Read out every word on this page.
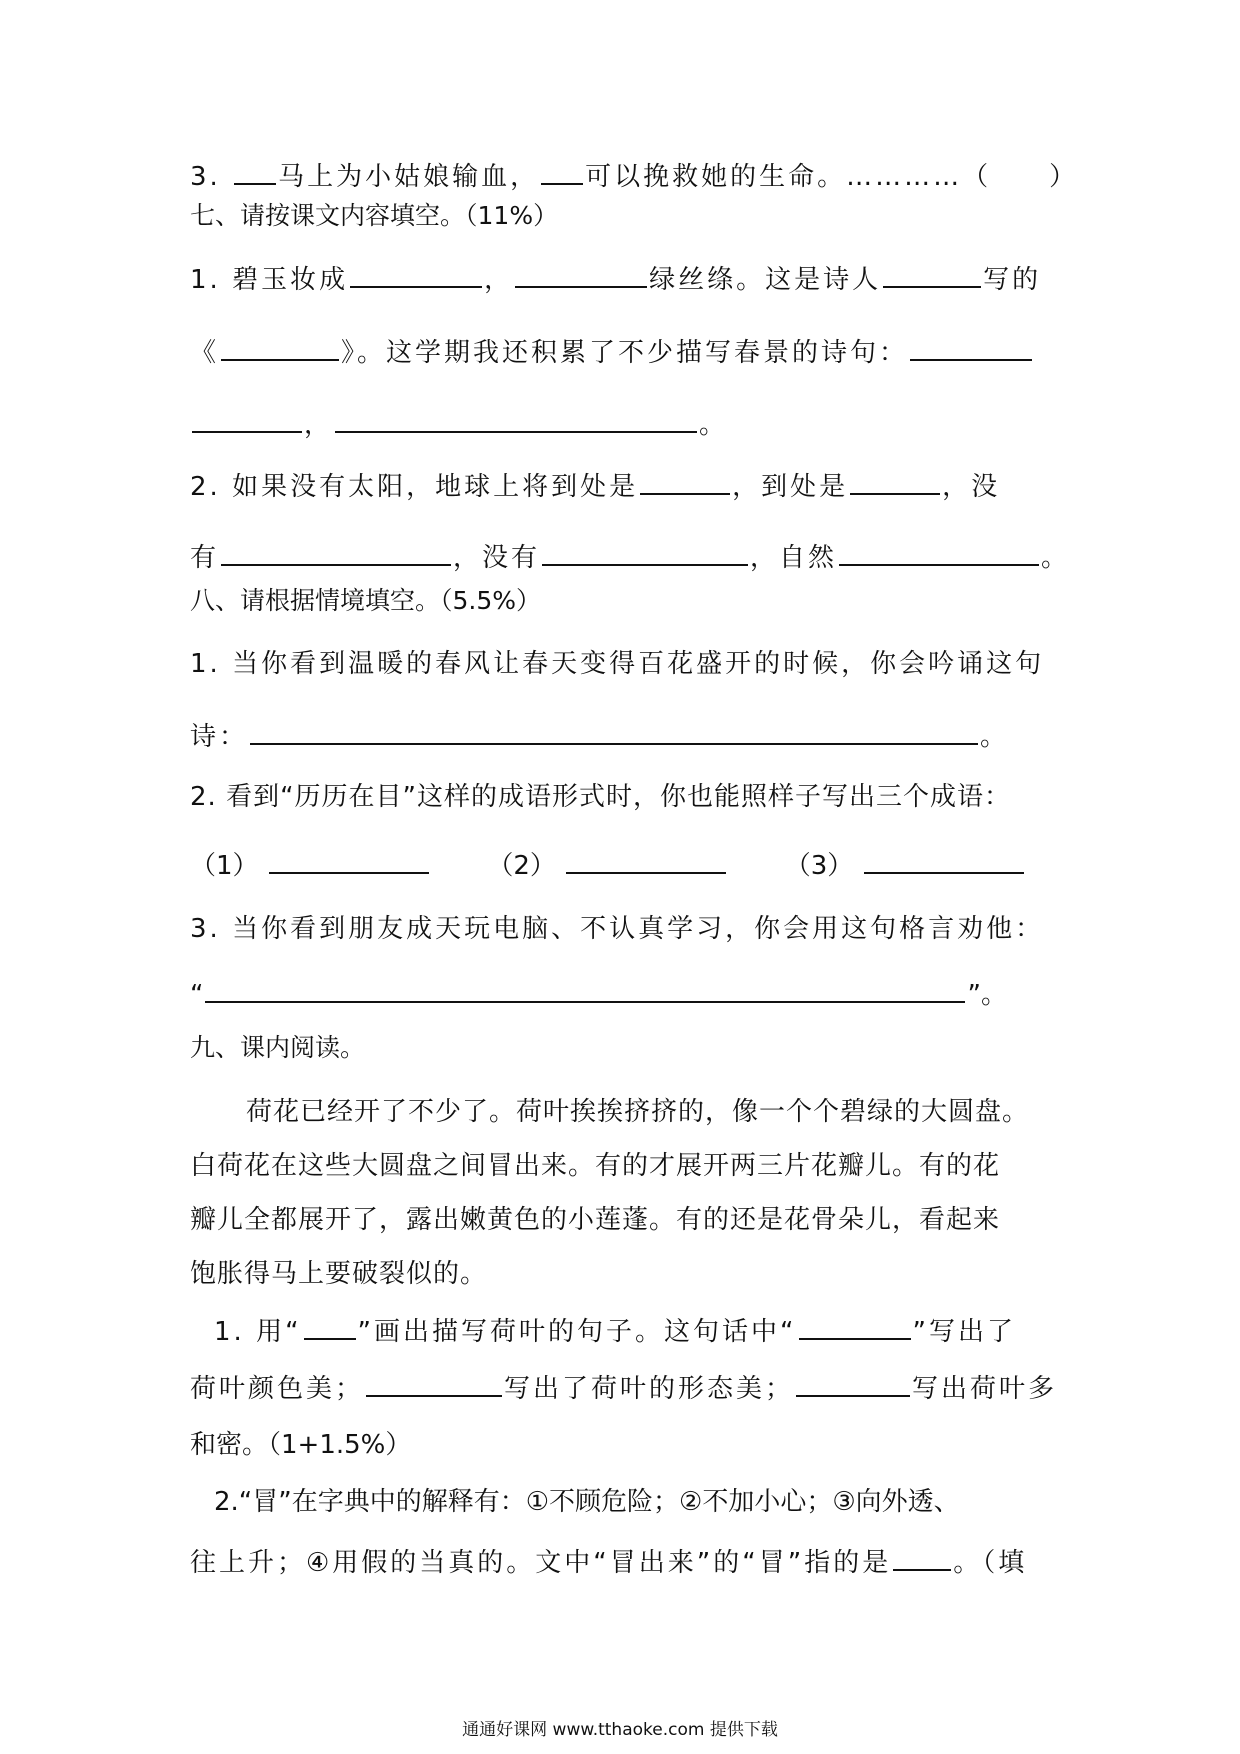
3. 马上为小姑娘输血， 可以挽救她的生命。…………（　　）
七、请按课文内容填空。（11%）
1. 碧玉妆成	，	绿丝绦。这是诗人	写的
《	》。这学期我还积累了不少描写春景的诗句：
，	。
2. 如果没有太阳，地球上将到处是	，到处是	，没
有	，没有	，自然	。
八、请根据情境填空。（5.5%）
1. 当你看到温暖的春风让春天变得百花盛开的时候，你会吟诵这句
诗：	。
2. 看到“历历在目”这样的成语形式时，你也能照样子写出三个成语：
（1）	（2）	（3）
3. 当你看到朋友成天玩电脑、不认真学习，你会用这句格言劝他：
“	”。
九、课内阅读。
荷花已经开了不少了。荷叶挨挨挤挤的，像一个个碧绿的大圆盘。
白荷花在这些大圆盘之间冒出来。有的才展开两三片花瓣儿。有的花
瓣儿全都展开了，露出嫩黄色的小莲蓬。有的还是花骨朵儿，看起来
饱胀得马上要破裂似的。
1. 用“ ”画出描写荷叶的句子。这句话中“	”写出了
荷叶颜色美；	写出了荷叶的形态美；	写出荷叶多
和密。（1+1.5%）
2.“冒”在字典中的解释有：①不顾危险；②不加小心；③向外透、
往上升；④用假的当真的。文中“冒出来”的“冒”指的是 。（填
通通好课网 www.tthaoke.com 提供下载
